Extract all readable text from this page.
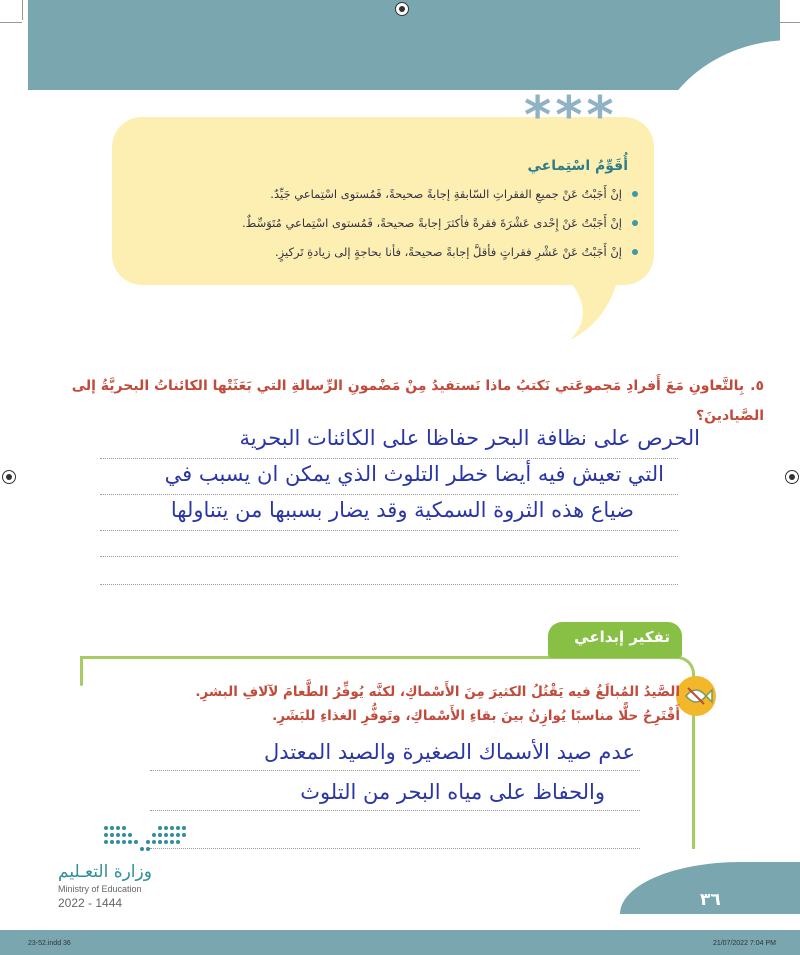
***
أُقَوِّمُ اسْتِماعي
إنْ أَجَبْتُ عَنْ جميعِ الفقراتِ السّابقةِ إجابةً صحيحةً، فَمُستوى اسْتِماعي جَيِّدٌ.
إنْ أَجَبْتُ عَنْ إِحْدى عَشْرَةَ فقرةً فأكثرَ إجابةً صحيحةً، فَمُستوى اسْتِماعي مُتَوَسِّطٌ.
إنْ أَجَبْتُ عَنْ عَشْرِ فقراتٍ فأقلَّ إجابةً صحيحةً، فأنا بحاجةٍ إلى زيادةِ تَركيزٍ.
٥.بِالتَّعاونِ مَعَ أَفرادِ مَجموعَتي نَكتبُ ماذا نَستفيدُ مِنْ مَضْمونِ الرِّسالةِ التي بَعَثَتْها الكائناتُ البحريَّةُ إلى الصَّيادينَ؟
الحرص على نظافة البحر حفاظا على الكائنات البحرية
التي تعيش فيه أيضا خطر التلوث الذي يمكن ان يسبب في
ضياع هذه الثروة السمكية وقد يضار بسببها من يتناولها
تفكير إبداعي
الصَّيدُ المُبالَغُ فيه يَقْتُلُ الكثيرَ مِنَ الأَسْماكِ، لكنَّه يُوفِّرُ الطَّعامَ لآلافِ البشرِ.
أَقْتَرِحُ حلًّا مناسبًا يُوازِنُ بينَ بقاءِ الأَسْماكِ، وتَوفُّرِ الغذاءِ للبَشَرِ.
عدم صيد الأسماك الصغيرة والصيد المعتدل
والحفاظ على مياه البحر من التلوث
وزارة التعـليم
Ministry of Education
2022 - 1444	٣٦
23-52.indd 36	21/07/2022 7:04 PM
